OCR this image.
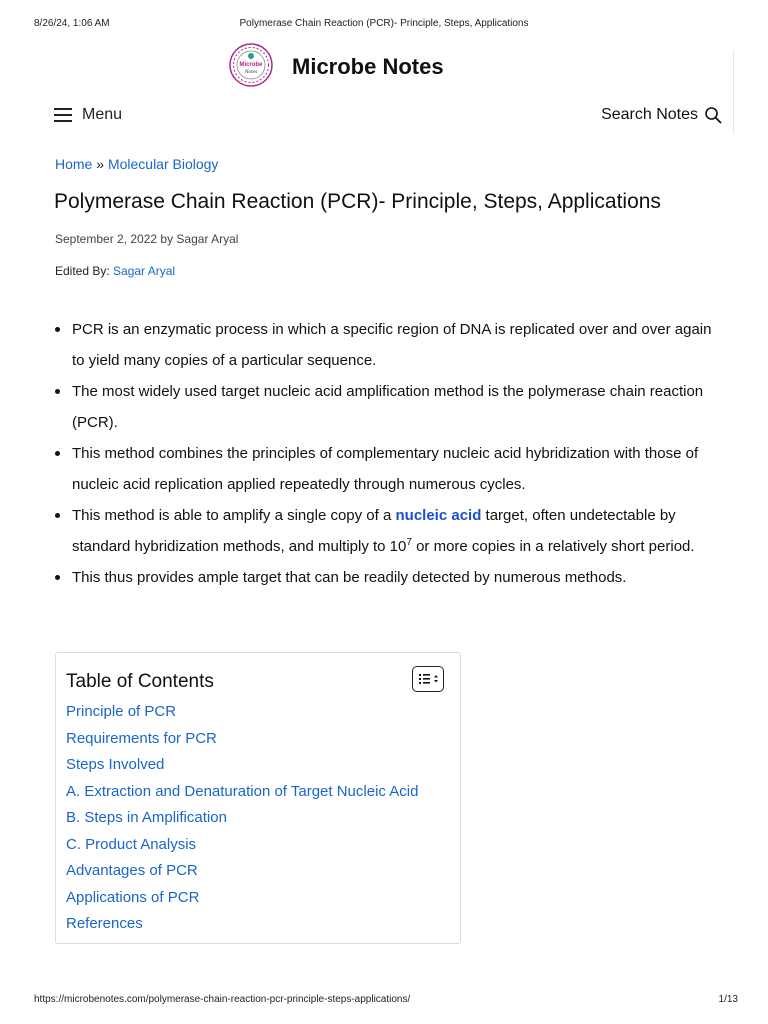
8/26/24, 1:06 AM	Polymerase Chain Reaction (PCR)- Principle, Steps, Applications
Microbe
Notes Microbe Notes
Menu	Search Notes
Home » Molecular Biology
Polymerase Chain Reaction (PCR)- Principle, Steps, Applications
September 2, 2022 by Sagar Aryal
Edited By: Sagar Aryal
PCR is an enzymatic process in which a specific region of DNA is replicated over and over again to yield many copies of a particular sequence.
The most widely used target nucleic acid amplification method is the polymerase chain reaction (PCR).
This method combines the principles of complementary nucleic acid hybridization with those of nucleic acid replication applied repeatedly through numerous cycles.
This method is able to amplify a single copy of a nucleic acid target, often undetectable by standard hybridization methods, and multiply to $10^7$ or more copies in a relatively short period.
This thus provides ample target that can be readily detected by numerous methods.
Table of Contents
Principle of PCR
Requirements for PCR
Steps Involved
A. Extraction and Denaturation of Target Nucleic Acid
B. Steps in Amplification
C. Product Analysis
Advantages of PCR
Applications of PCR
References
https://microbenotes.com/polymerase-chain-reaction-pcr-principle-steps-applications/	1/13
